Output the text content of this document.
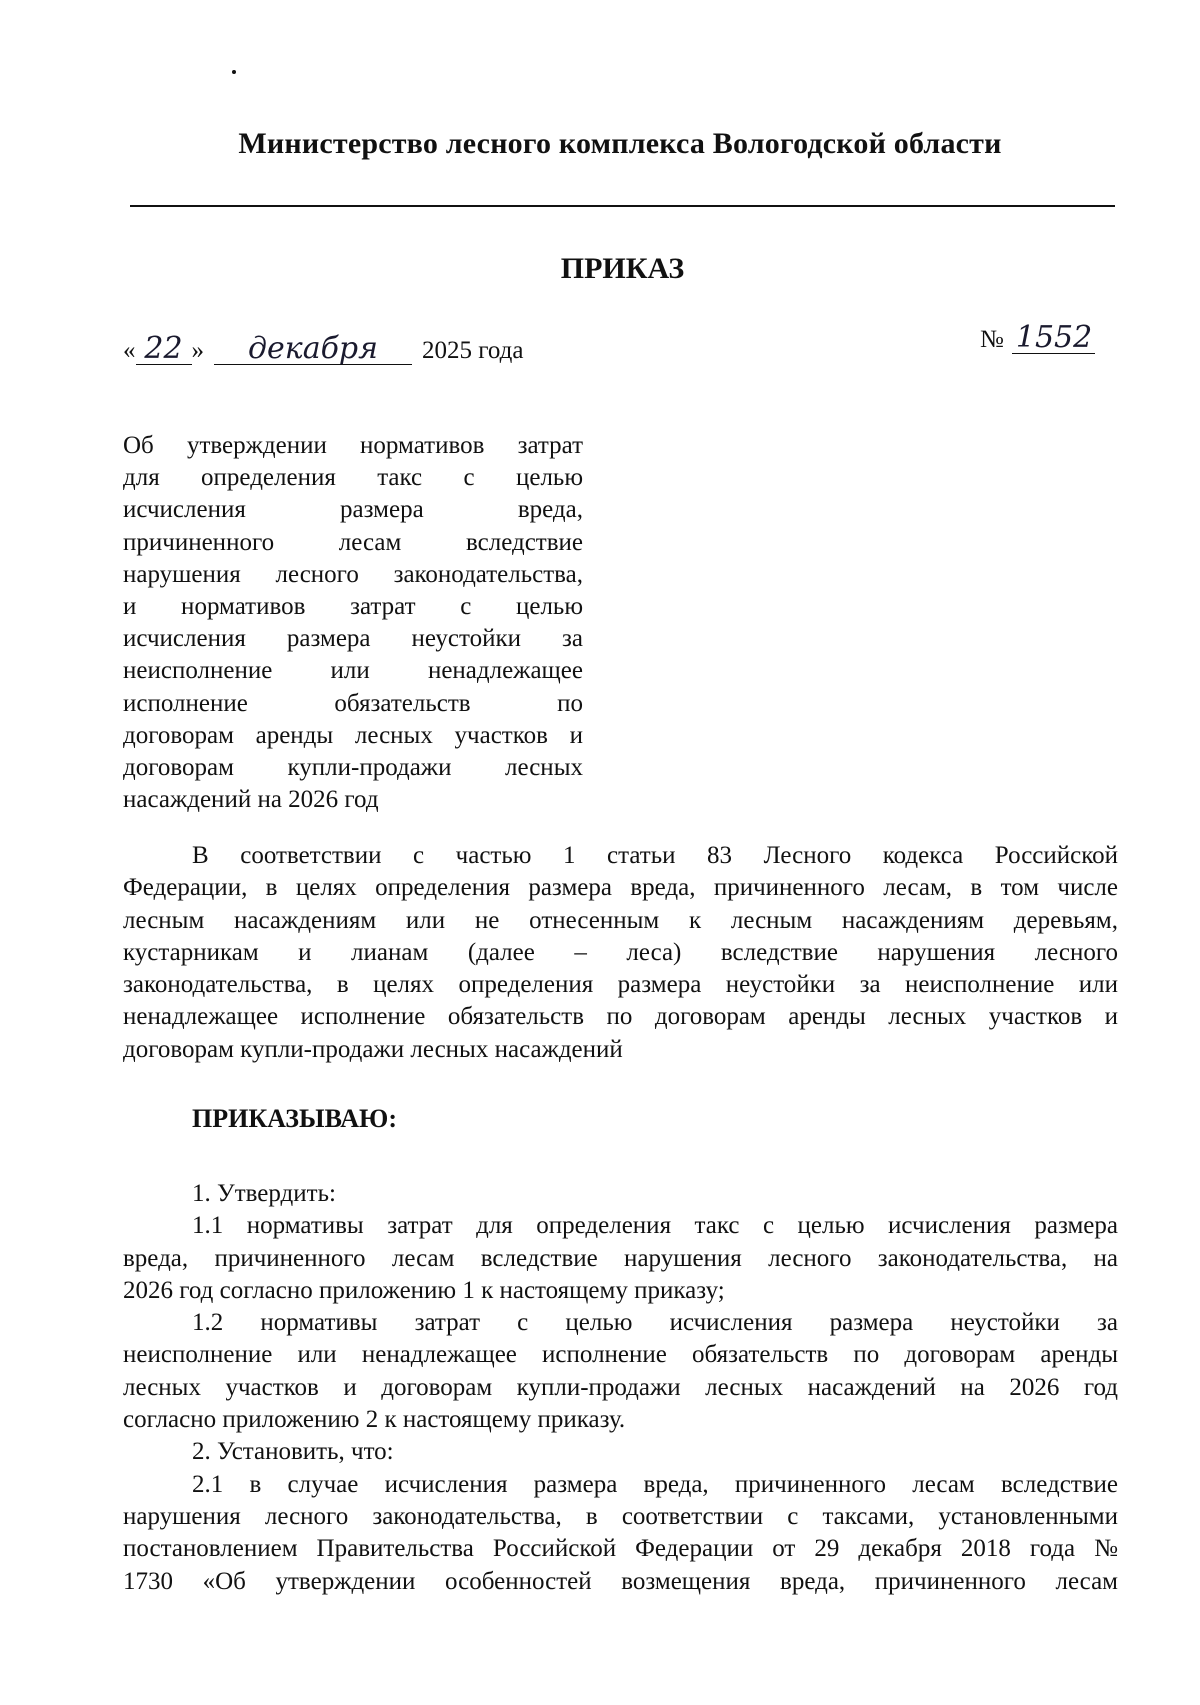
Министерство лесного комплекса Вологодской области
ПРИКАЗ
« 22 »	декабря	2025 года	№ 1552
Об утверждении нормативов затрат
для определения такс с целью
исчисления размера вреда,
причиненного лесам вследствие
нарушения лесного законодательства,
и нормативов затрат с целью
исчисления размера неустойки за
неисполнение или ненадлежащее
исполнение обязательств по
договорам аренды лесных участков и
договорам купли-продажи лесных
насаждений на 2026 год
В соответствии с частью 1 статьи 83 Лесного кодекса Российской
Федерации, в целях определения размера вреда, причиненного лесам, в том числе
лесным насаждениям или не отнесенным к лесным насаждениям деревьям,
кустарникам и лианам (далее – леса) вследствие нарушения лесного
законодательства, в целях определения размера неустойки за неисполнение или
ненадлежащее исполнение обязательств по договорам аренды лесных участков и
договорам купли-продажи лесных насаждений
ПРИКАЗЫВАЮ:
1. Утвердить:
1.1 нормативы затрат для определения такс с целью исчисления размера
вреда, причиненного лесам вследствие нарушения лесного законодательства, на
2026 год согласно приложению 1 к настоящему приказу;
1.2 нормативы затрат с целью исчисления размера неустойки за
неисполнение или ненадлежащее исполнение обязательств по договорам аренды
лесных участков и договорам купли-продажи лесных насаждений на 2026 год
согласно приложению 2 к настоящему приказу.
2. Установить, что:
2.1 в случае исчисления размера вреда, причиненного лесам вследствие
нарушения лесного законодательства, в соответствии с таксами, установленными
постановлением Правительства Российской Федерации от 29 декабря 2018 года №
1730 «Об утверждении особенностей возмещения вреда, причиненного лесам
